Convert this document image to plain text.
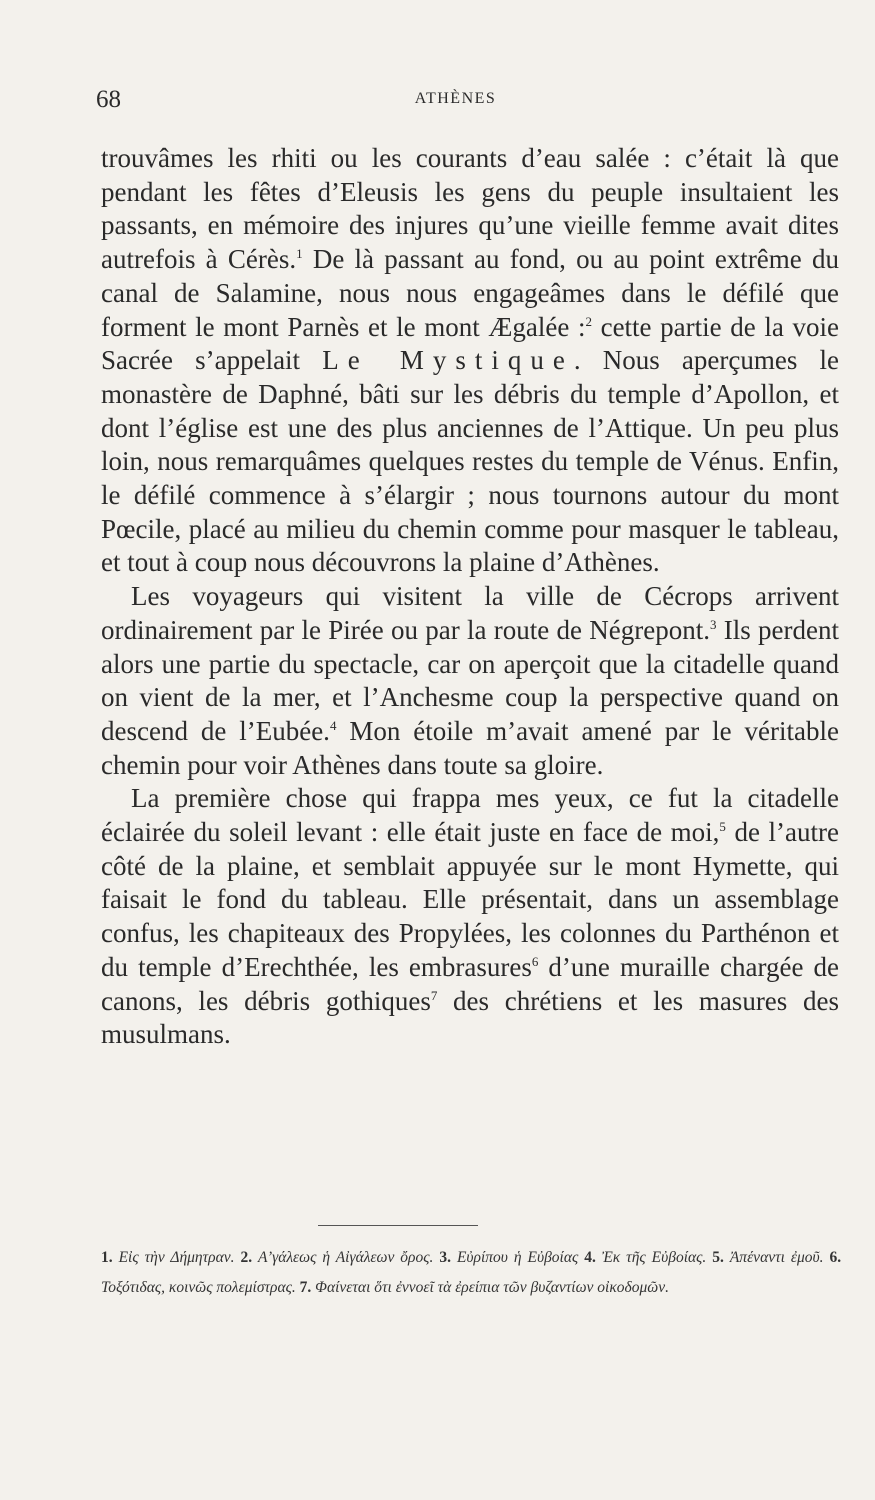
68	ATHÈNES

trouvâmes les rhiti ou les courants d’eau salée : c’était là que pendant les fêtes d’Eleusis les gens du peuple insultaient les passants, en mémoire des injures qu’une vieille femme avait dites autrefois à Cérès.$^1$ De là passant au fond, ou au point extrême du canal de Salamine, nous nous engageâmes dans le défilé que forment le mont Parnès et le mont Ægalée :$^2$ cette partie de la voie Sacrée s’appelait Le Mystique. Nous aperçumes le monastère de Daphné, bâti sur les débris du temple d’Apollon, et dont l’église est une des plus anciennes de l’Attique. Un peu plus loin, nous remarquâmes quelques restes du temple de Vénus. Enfin, le défilé commence à s’élargir ; nous tournons autour du mont Pœcile, placé au milieu du chemin comme pour masquer le tableau, et tout à coup nous découvrons la plaine d’Athènes.

Les voyageurs qui visitent la ville de Cécrops arrivent ordinairement par le Pirée ou par la route de Négrepont.$^3$ Ils perdent alors une partie du spectacle, car on aperçoit que la citadelle quand on vient de la mer, et l’Anchesme coup la perspective quand on descend de l’Eubée.$^4$ Mon étoile m’avait amené par le véritable chemin pour voir Athènes dans toute sa gloire.

La première chose qui frappa mes yeux, ce fut la citadelle éclairée du soleil levant : elle était juste en face de moi,$^5$ de l’autre côté de la plaine, et semblait appuyée sur le mont Hymette, qui faisait le fond du tableau. Elle présentait, dans un assemblage confus, les chapiteaux des Propylées, les colonnes du Parthénon et du temple d’Erechthée, les embrasures$^6$ d’une muraille chargée de canons, les débris gothiques$^7$ des chrétiens et les masures des musulmans.

1. Εἰς τὴν Δήμητραν. 2. Α’γάλεως ἡ Αἰγάλεων ὄρος. 3. Εὐρίπου ἡ Εὐβοίας 4. Ἐκ τῆς Εὐβοίας. 5. Ἀπέναντι ἐμοῦ. 6. Τοξότιδας, κοινῶς πολεμίστρας. 7. Φαίνεται ὅτι ἐννοεῖ τὰ ἐρείπια τῶν βυζαντίων οἰκοδομῶν.
